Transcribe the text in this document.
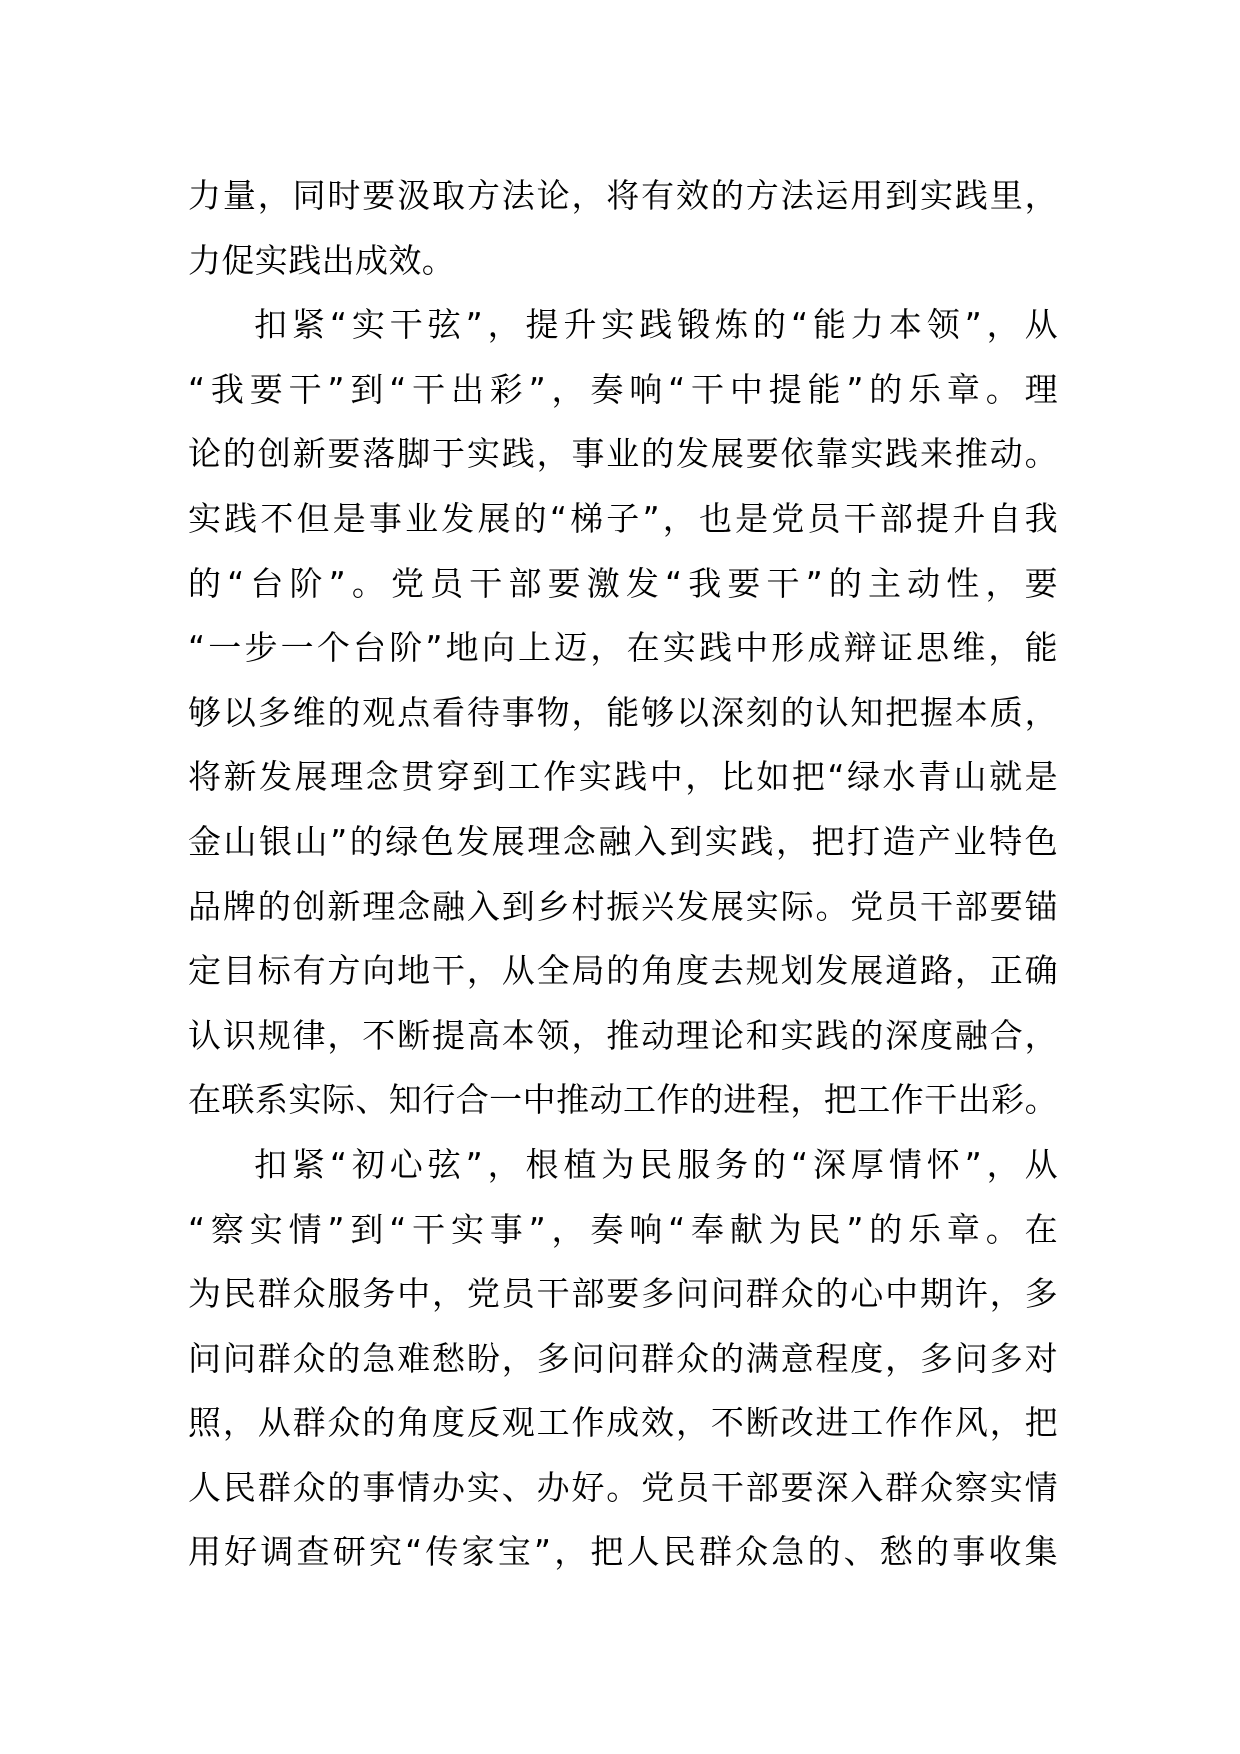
力量，同时要汲取方法论，将有效的方法运用到实践里，
力促实践出成效。
扣紧“实干弦”，提升实践锻炼的“能力本领”，从
“我要干”到“干出彩”，奏响“干中提能”的乐章。理
论的创新要落脚于实践，事业的发展要依靠实践来推动。
实践不但是事业发展的“梯子”，也是党员干部提升自我
的“台阶”。党员干部要激发“我要干”的主动性，要
“一步一个台阶”地向上迈，在实践中形成辩证思维，能
够以多维的观点看待事物，能够以深刻的认知把握本质，
将新发展理念贯穿到工作实践中，比如把“绿水青山就是
金山银山”的绿色发展理念融入到实践，把打造产业特色
品牌的创新理念融入到乡村振兴发展实际。党员干部要锚
定目标有方向地干，从全局的角度去规划发展道路，正确
认识规律，不断提高本领，推动理论和实践的深度融合，
在联系实际、知行合一中推动工作的进程，把工作干出彩。
扣紧“初心弦”，根植为民服务的“深厚情怀”，从
“察实情”到“干实事”，奏响“奉献为民”的乐章。在
为民群众服务中，党员干部要多问问群众的心中期许，多
问问群众的急难愁盼，多问问群众的满意程度，多问多对
照，从群众的角度反观工作成效，不断改进工作作风，把
人民群众的事情办实、办好。党员干部要深入群众察实情
用好调查研究“传家宝”，把人民群众急的、愁的事收集
